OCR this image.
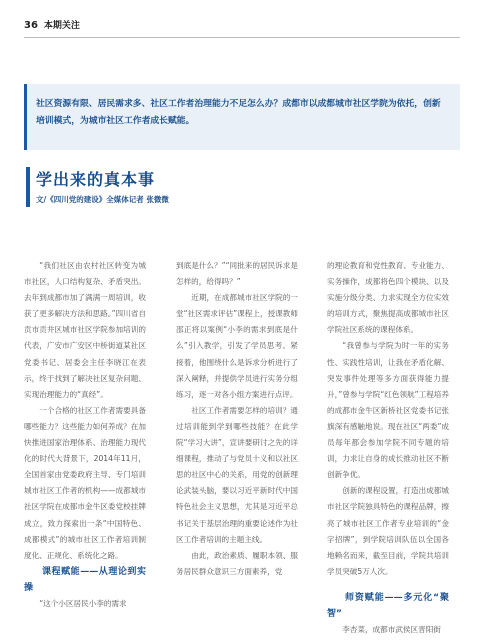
36 本期关注
社区资源有限、居民需求多、社区工作者治理能力不足怎么办？成都市以成都城市社区学院为依托，创新培训模式，为城市社区工作者成长赋能。
学出来的真本事
文/《四川党的建设》全媒体记者 张微微

“我们社区由农村社区转变为城市社区，人口结构复杂、矛盾突出。去年到成都市加了满满一周培训，收获了更多解决方法和思路。”四川省自贡市贡井区城市社区学院参加培训的代表，广安市广安区中桥街道某社区党委书记、居委会主任李晓江在表示，终于找到了解决社区复杂问题、实现治理能力的“真经”。

一个合格的社区工作者需要具备哪些能力？这些能力如何养成？在加快推进国家治理体系、治理能力现代化的时代大背景下，2014年11月，全国首家由党委政府主导、专门培训城市社区工作者的机构——成都城市社区学院在成都市金牛区委党校挂牌成立，致力探索出一条“中国特色、成都模式”的城市社区工作者培训制度化、正规化、系统化之路。

课程赋能——从理论到实操

“这个小区居民小李的需求

到底是什么？”“同批来的居民诉求是怎样的，给得吗？”

近期，在成都城市社区学院的一堂“社区需求评估”课程上，授课教师邵正将以案例“小李的需求到底是什么”引入教学，引发了学员思考。紧接着，他围绕什么是诉求分析进行了深入阐释，并提供学员进行实务分组练习，逐一对各小组方案进行点评。

社区工作者需要怎样的培训？通过培训能到学到哪些技能？在此学院“学习大讲”，宣讲要研讨之先的详细课程，推动了与党员十义和以社区思的社区中心的关系，用党的创新理论武装头脑，要以习近平新时代中国特色社会主义思想，尤其是习近平总书记关于基层治理的重要论述作为社区工作者培训的主题主线。

由此，政治素质、履职本领、服务居民群众意识三方面素养，党

的理论教育和党性教育、专业能力、实务操作，成都将色四个模块、以及实施分级分类、力求实现全方位实效的培训方式，聚焦提高成都城市社区学院社区系统的课程体系。

“我曾参与学院为时一年的实务性、实践性培训，让我在矛盾化解、突发事件处理等多方面获得能力提升，”曾参与学院“红色领航”工程培养的成都市金牛区新桥社区党委书记张旗深有感触地说。现在社区“两委”成员每年都会参加学院不同专题的培训，力求让自身的成长推动社区不断创新争优。

创新的课程设置，打造出成都城市社区学院独具特色的课程品牌，擦亮了城市社区工作者专业培训的“金字招牌”，到学院培训队伍以全国各地赖名而来，截至目前，学院共培训学员突破5万人次。

师资赋能——多元化“聚智”

李杏菜，成都市武侯区晋阳街
